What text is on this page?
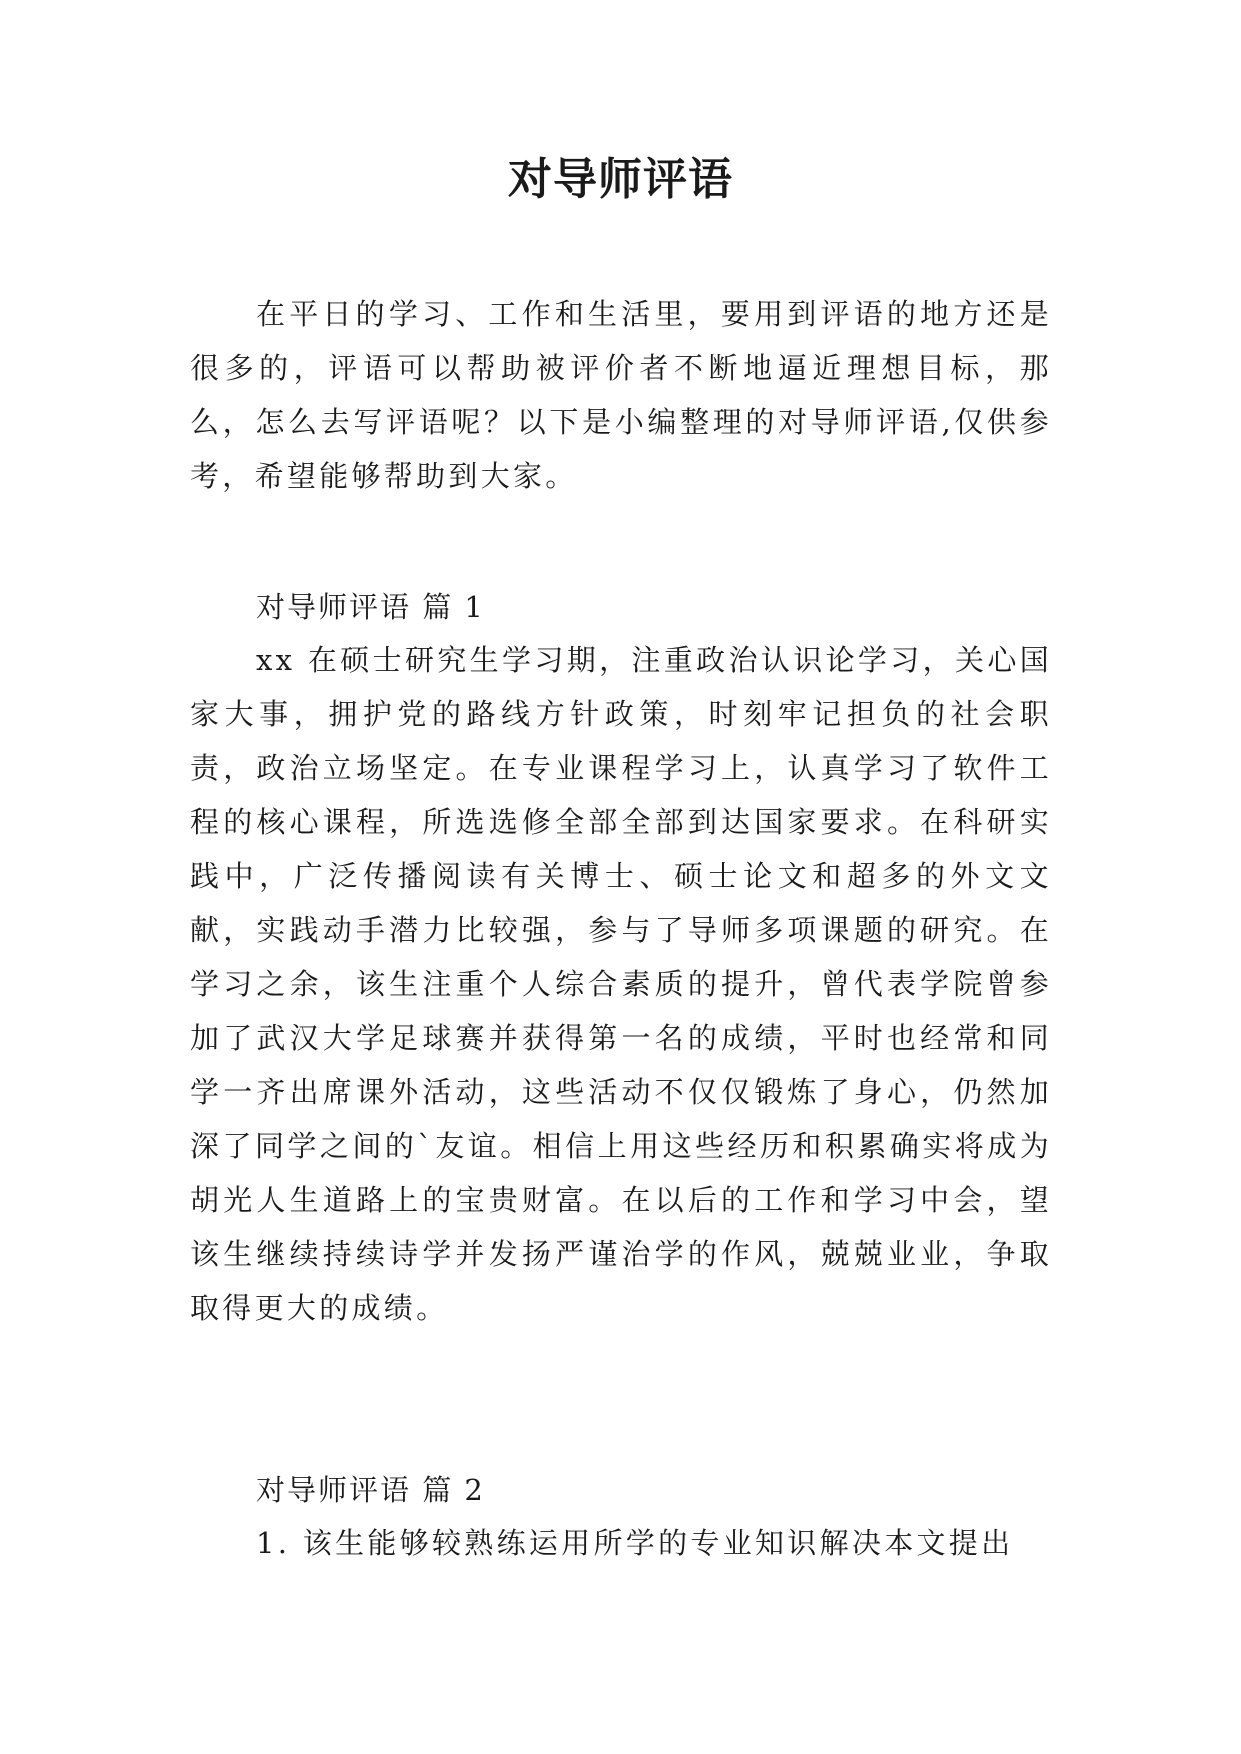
对导师评语

在平日的学习、工作和生活里，要用到评语的地方还是很多的，评语可以帮助被评价者不断地逼近理想目标，那么，怎么去写评语呢？以下是小编整理的对导师评语,仅供参考，希望能够帮助到大家。

对导师评语 篇 1

xx 在硕士研究生学习期，注重政治认识论学习，关心国家大事，拥护党的路线方针政策，时刻牢记担负的社会职责，政治立场坚定。在专业课程学习上，认真学习了软件工程的核心课程，所选选修全部全部到达国家要求。在科研实践中，广泛传播阅读有关博士、硕士论文和超多的外文文献，实践动手潜力比较强，参与了导师多项课题的研究。在学习之余，该生注重个人综合素质的提升，曾代表学院曾参加了武汉大学足球赛并获得第一名的成绩，平时也经常和同学一齐出席课外活动，这些活动不仅仅锻炼了身心，仍然加深了同学之间的`友谊。相信上用这些经历和积累确实将成为胡光人生道路上的宝贵财富。在以后的工作和学习中会，望该生继续持续诗学并发扬严谨治学的作风，兢兢业业，争取取得更大的成绩。

对导师评语 篇 2

1. 该生能够较熟练运用所学的专业知识解决本文提出
